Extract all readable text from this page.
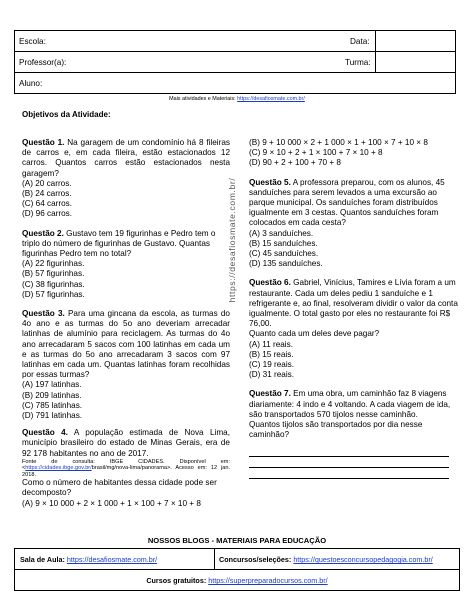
Escola:	Data:
Professor(a):	Turma:
Aluno:
Mais atividades e Materiais: https://desafiosmate.com.br/
Objetivos da Atividade:
https://desafiosmate.com.br/
Questão 1. Na garagem de um condomínio há 8 fileiras de carros e, em cada fileira, estão estacionados 12 carros. Quantos carros estão estacionados nesta garagem?
(A) 20 carros.
(B) 24 carros.
(C) 64 carros.
(D) 96 carros.
Questão 2. Gustavo tem 19 figurinhas e Pedro tem o triplo do número de figurinhas de Gustavo. Quantas figurinhas Pedro tem no total?
(A) 22 figurinhas.
(B) 57 figurinhas.
(C) 38 figurinhas.
(D) 57 figurinhas.
Questão 3. Para uma gincana da escola, as turmas do 4o ano e as turmas do 5o ano deveriam arrecadar latinhas de alumínio para reciclagem. As turmas do 4o ano arrecadaram 5 sacos com 100 latinhas em cada um e as turmas do 5o ano arrecadaram 3 sacos com 97 latinhas em cada um. Quantas latinhas foram recolhidas por essas turmas?
(A) 197 latinhas.
(B) 209 latinhas.
(C) 785 latinhas.
(D) 791 latinhas.
Questão 4. A população estimada de Nova Lima, município brasileiro do estado de Minas Gerais, era de 92 178 habitantes no ano de 2017.
Fonte de consulta: IBGE CIDADES. Disponível em: <https://cidades.ibge.gov.br/brasil/mg/nova-lima/panorama>. Acesso em: 12 jan. 2018.
Como o número de habitantes dessa cidade pode ser decomposto?
(A) 9 × 10 000 + 2 × 1 000 + 1 × 100 + 7 × 10 + 8
(B) 9 + 10 000 × 2 + 1 000 × 1 + 100 × 7 + 10 × 8
(C) 9 × 10 + 2 + 1 × 100 + 7 × 10 + 8
(D) 90 + 2 + 100 + 70 + 8
Questão 5. A professora preparou, com os alunos, 45 sanduíches para serem levados a uma excursão ao parque municipal. Os sanduíches foram distribuídos igualmente em 3 cestas. Quantos sanduíches foram colocados em cada cesta?
(A) 3 sanduíches.
(B) 15 sanduíches.
(C) 45 sanduíches.
(D) 135 sanduíches.
Questão 6. Gabriel, Vinícius, Tamires e Lívia foram a um restaurante. Cada um deles pediu 1 sanduíche e 1 refrigerante e, ao final, resolveram dividir o valor da conta igualmente. O total gasto por eles no restaurante foi R$ 76,00.
Quanto cada um deles deve pagar?
(A) 11 reais.
(B) 15 reais.
(C) 19 reais.
(D) 31 reais.
Questão 7. Em uma obra, um caminhão faz 8 viagens diariamente: 4 indo e 4 voltando. A cada viagem de ida, são transportados 570 tijolos nesse caminhão.
Quantos tijolos são transportados por dia nesse caminhão?
NOSSOS BLOGS - MATERIAIS PARA EDUCAÇÃO
Sala de Aula: https://desafiosmate.com.br/	Concursos/seleções: https://questoesconcursopedagogia.com.br/
Cursos gratuitos: https://superpreparadocursos.com.br/
